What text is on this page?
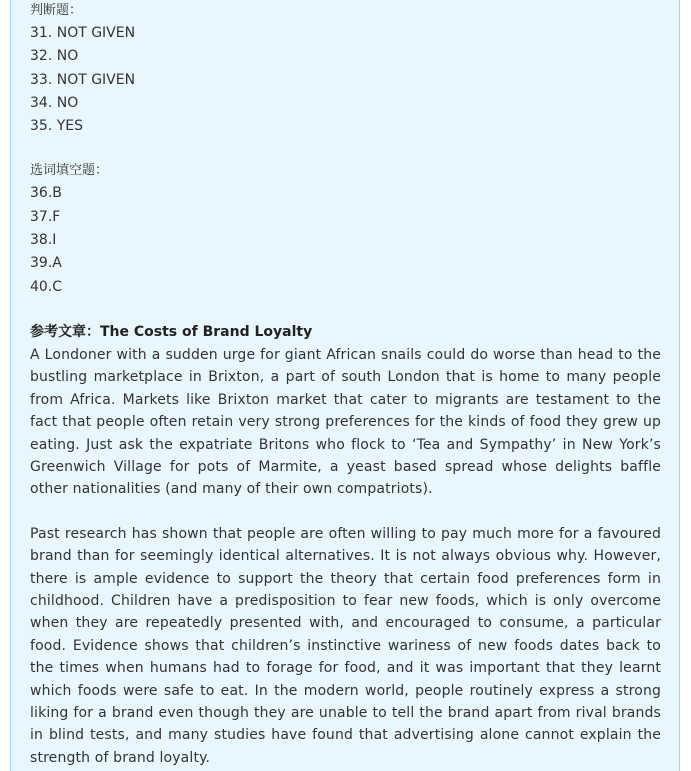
判断题：
31. NOT GIVEN
32. NO
33. NOT GIVEN
34. NO
35. YES
选词填空题：
36.B
37.F
38.I
39.A
40.C
参考文章：The Costs of Brand Loyalty

A Londoner with a sudden urge for giant African snails could do worse than head to the bustling marketplace in Brixton, a part of south London that is home to many people from Africa. Markets like Brixton market that cater to migrants are testament to the fact that people often retain very strong preferences for the kinds of food they grew up eating. Just ask the expatriate Britons who flock to ‘Tea and Sympathy’ in New York’s Greenwich Village for pots of Marmite, a yeast based spread whose delights baffle other nationalities (and many of their own compatriots).

Past research has shown that people are often willing to pay much more for a favoured brand than for seemingly identical alternatives. It is not always obvious why. However, there is ample evidence to support the theory that certain food preferences form in childhood. Children have a predisposition to fear new foods, which is only overcome when they are repeatedly presented with, and encouraged to consume, a particular food. Evidence shows that children’s instinctive wariness of new foods dates back to the times when humans had to forage for food, and it was important that they learnt which foods were safe to eat. In the modern world, people routinely express a strong liking for a brand even though they are unable to tell the brand apart from rival brands in blind tests, and many studies have found that advertising alone cannot explain the strength of brand loyalty.
